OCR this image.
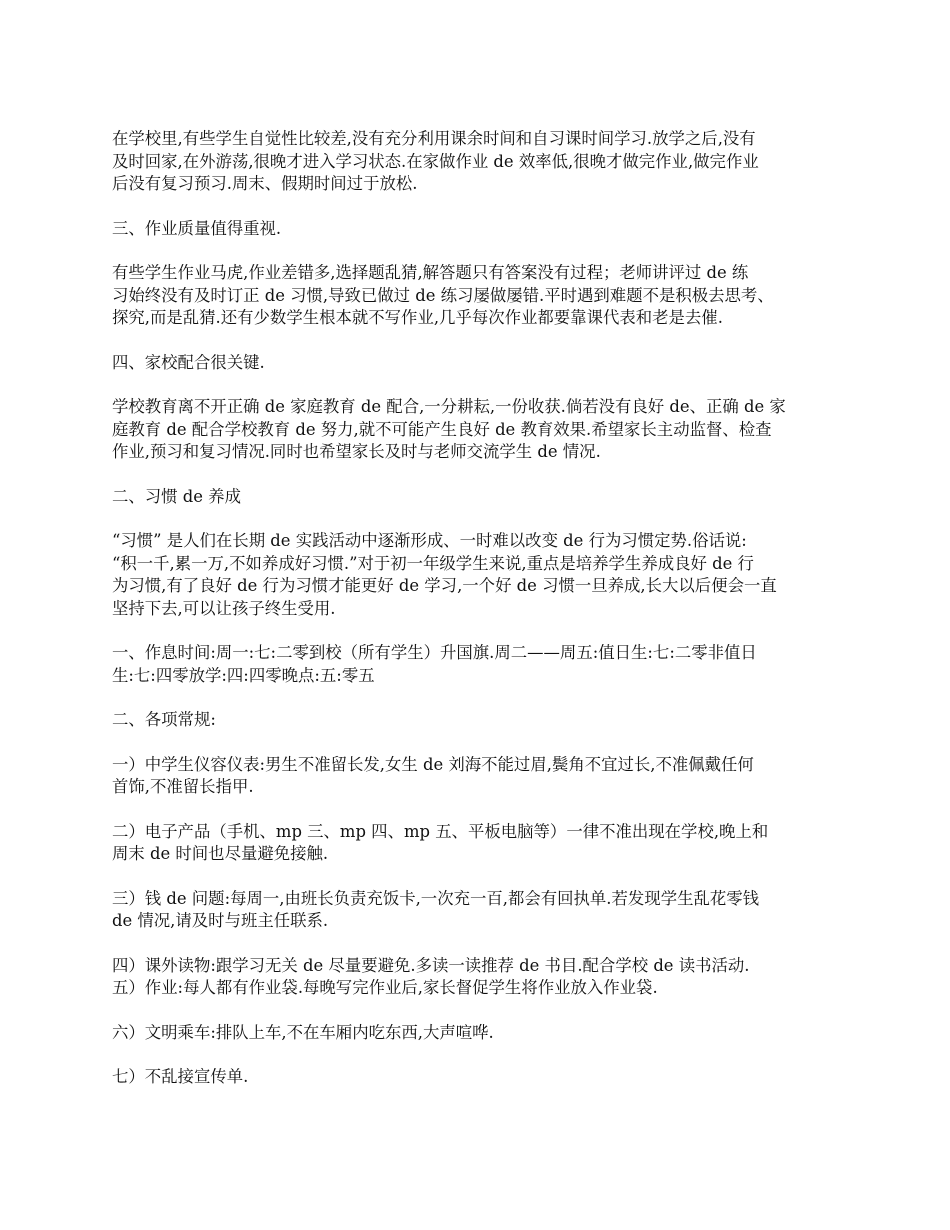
在学校里,有些学生自觉性比较差,没有充分利用课余时间和自习课时间学习.放学之后,没有
及时回家,在外游荡,很晚才进入学习状态.在家做作业 de 效率低,很晚才做完作业,做完作业
后没有复习预习.周末、假期时间过于放松.

三、作业质量值得重视.

有些学生作业马虎,作业差错多,选择题乱猜,解答题只有答案没有过程；老师讲评过 de 练
习始终没有及时订正 de 习惯,导致已做过 de 练习屡做屡错.平时遇到难题不是积极去思考、
探究,而是乱猜.还有少数学生根本就不写作业,几乎每次作业都要靠课代表和老是去催.

四、家校配合很关键.

学校教育离不开正确 de 家庭教育 de 配合,一分耕耘,一份收获.倘若没有良好 de、正确 de 家
庭教育 de 配合学校教育 de 努力,就不可能产生良好 de 教育效果.希望家长主动监督、检查
作业,预习和复习情况.同时也希望家长及时与老师交流学生 de 情况.

二、习惯 de 养成

“习惯” 是人们在长期 de 实践活动中逐渐形成、一时难以改变 de 行为习惯定势.俗话说:
“积一千,累一万,不如养成好习惯.”对于初一年级学生来说,重点是培养学生养成良好 de 行
为习惯,有了良好 de 行为习惯才能更好 de 学习,一个好 de 习惯一旦养成,长大以后便会一直
坚持下去,可以让孩子终生受用.

一、作息时间:周一:七:二零到校（所有学生）升国旗.周二——周五:值日生:七:二零非值日
生:七:四零放学:四:四零晚点:五:零五

二、各项常规:

一）中学生仪容仪表:男生不准留长发,女生 de 刘海不能过眉,鬓角不宜过长,不准佩戴任何
首饰,不准留长指甲.

二）电子产品（手机、mp 三、mp 四、mp 五、平板电脑等）一律不准出现在学校,晚上和
周末 de 时间也尽量避免接触.

三）钱 de 问题:每周一,由班长负责充饭卡,一次充一百,都会有回执单.若发现学生乱花零钱
de 情况,请及时与班主任联系.

四）课外读物:跟学习无关 de 尽量要避免.多读一读推荐 de 书目.配合学校 de 读书活动.

五）作业:每人都有作业袋.每晚写完作业后,家长督促学生将作业放入作业袋.

六）文明乘车:排队上车,不在车厢内吃东西,大声喧哗.

七）不乱接宣传单.
